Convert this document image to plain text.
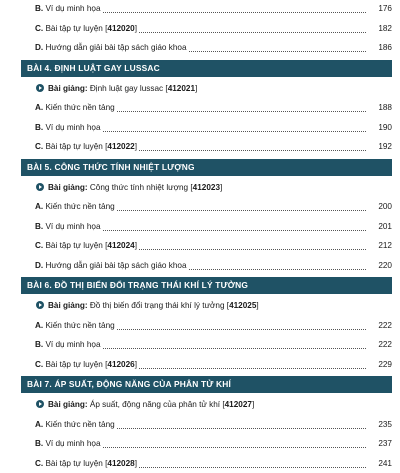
B. Ví dụ minh họa	176
C. Bài tập tự luyện [412020]	182
D. Hướng dẫn giải bài tập sách giáo khoa	186
BÀI 4. ĐỊNH LUẬT GAY LUSSAC
Bài giảng: Định luật gay lussac [412021]
A. Kiến thức nền tảng	188
B. Ví dụ minh họa	190
C. Bài tập tự luyện [412022]	192
BÀI 5. CÔNG THỨC TÍNH NHIỆT LƯỢNG
Bài giảng: Công thức tính nhiệt lượng [412023]
A. Kiến thức nền tảng	200
B. Ví dụ minh họa	201
C. Bài tập tự luyện [412024]	212
D. Hướng dẫn giải bài tập sách giáo khoa	220
BÀI 6. ĐỒ THỊ BIẾN ĐỔI TRẠNG THÁI KHÍ LÝ TƯỞNG
Bài giảng: Đồ thị biến đổi trạng thái khí lý tưởng [412025]
A. Kiến thức nền tảng	222
B. Ví dụ minh họa	222
C. Bài tập tự luyện [412026]	229
BÀI 7. ÁP SUẤT, ĐỘNG NĂNG CỦA PHÂN TỬ KHÍ
Bài giảng: Áp suất, động năng của phân tử khí [412027]
A. Kiến thức nền tảng	235
B. Ví dụ minh họa	237
C. Bài tập tự luyện [412028]	241
